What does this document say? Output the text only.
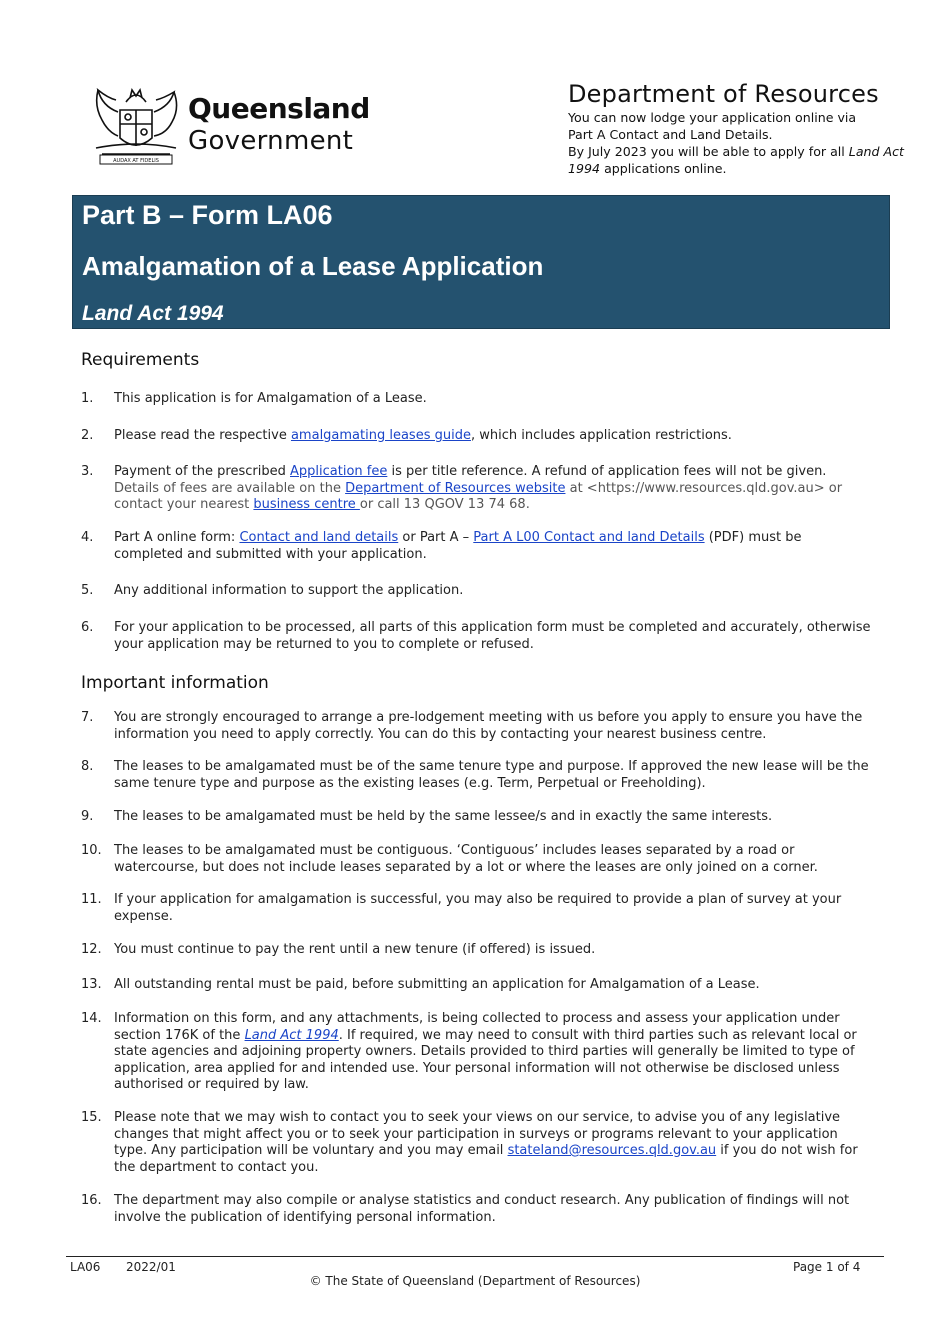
AUDAX AT FIDELIS
Queensland
Government
Department of Resources
You can now lodge your application online via
Part A Contact and Land Details.
By July 2023 you will be able to apply for all Land Act
1994 applications online.
Part B – Form LA06
Amalgamation of a Lease Application
Land Act 1994
Requirements
1.	This application is for Amalgamation of a Lease.
2.	Please read the respective amalgamating leases guide, which includes application restrictions.
3.	Payment of the prescribed Application fee is per title reference. A refund of application fees will not be given. Details of fees are available on the Department of Resources website at <https://www.resources.qld.gov.au> or contact your nearest business centre or call 13 QGOV 13 74 68.
4.	Part A online form: Contact and land details or Part A – Part A L00 Contact and land Details (PDF) must be completed and submitted with your application.
5.	Any additional information to support the application.
6.	For your application to be processed, all parts of this application form must be completed and accurately, otherwise your application may be returned to you to complete or refused.
Important information
7.	You are strongly encouraged to arrange a pre-lodgement meeting with us before you apply to ensure you have the information you need to apply correctly. You can do this by contacting your nearest business centre.
8.	The leases to be amalgamated must be of the same tenure type and purpose. If approved the new lease will be the same tenure type and purpose as the existing leases (e.g. Term, Perpetual or Freeholding).
9.	The leases to be amalgamated must be held by the same lessee/s and in exactly the same interests.
10. The leases to be amalgamated must be contiguous. ‘Contiguous’ includes leases separated by a road or watercourse, but does not include leases separated by a lot or where the leases are only joined on a corner.
11. If your application for amalgamation is successful, you may also be required to provide a plan of survey at your expense.
12. You must continue to pay the rent until a new tenure (if offered) is issued.
13. All outstanding rental must be paid, before submitting an application for Amalgamation of a Lease.
14. Information on this form, and any attachments, is being collected to process and assess your application under section 176K of the Land Act 1994. If required, we may need to consult with third parties such as relevant local or state agencies and adjoining property owners. Details provided to third parties will generally be limited to type of application, area applied for and intended use. Your personal information will not otherwise be disclosed unless authorised or required by law.
15. Please note that we may wish to contact you to seek your views on our service, to advise you of any legislative changes that might affect you or to seek your participation in surveys or programs relevant to your application type. Any participation will be voluntary and you may email stateland@resources.qld.gov.au if you do not wish for the department to contact you.
16. The department may also compile or analyse statistics and conduct research. Any publication of findings will not involve the publication of identifying personal information.
LA06 2022/01	Page 1 of 4
© The State of Queensland (Department of Resources)
